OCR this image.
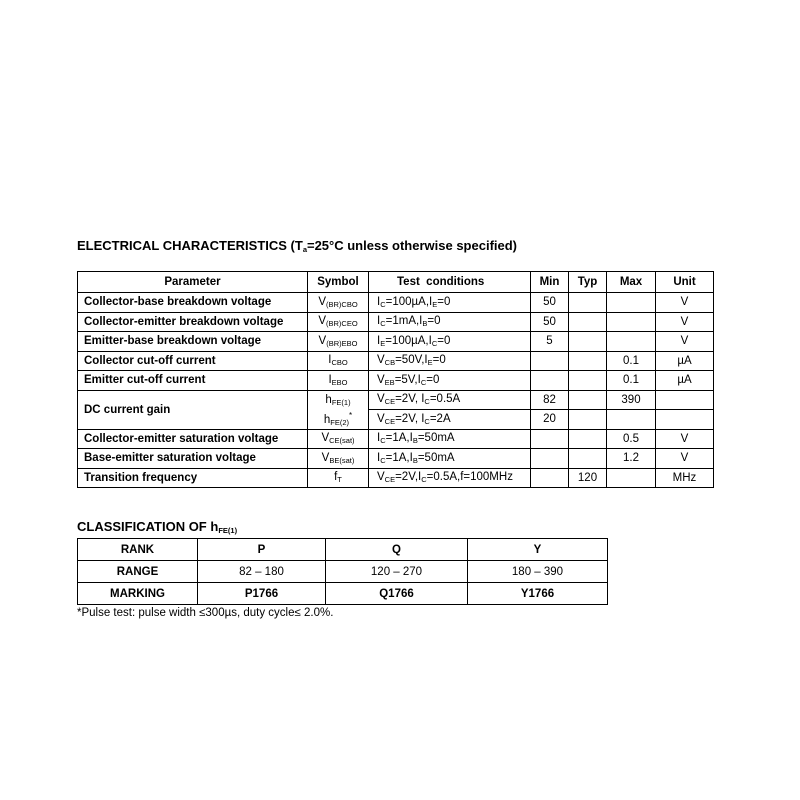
ELECTRICAL CHARACTERISTICS ($T_a=25^\circ C$ unless otherwise specified)
Parameter	Symbol	Test  conditions	Min	Typ	Max	Unit
Collector-base breakdown voltage	$V_{(BR)CBO}$	$I_C=100\mu A,I_E=0$	50			V
Collector-emitter breakdown voltage	$V_{(BR)CEO}$	$I_C=1mA,I_B=0$	50			V
Emitter-base breakdown voltage	$V_{(BR)EBO}$	$I_E=100\mu A,I_C=0$	5			V
Collector cut-off current	$I_{CBO}$	$V_{CB}=50V,I_E=0$			0.1	µA
Emitter cut-off current	$I_{EBO}$	$V_{EB}=5V,I_C=0$			0.1	µA
DC current gain	$h_{FE(1)}$	$V_{CE}=2V$, $I_C=0.5A$	82		390	
	$h_{FE(2)}^*$	$V_{CE}=2V$, $I_C=2A$	20			
Collector-emitter saturation voltage	$V_{CE(sat)}$	$I_C=1A,I_B=50mA$			0.5	V
Base-emitter saturation voltage	$V_{BE(sat)}$	$I_C=1A,I_B=50mA$			1.2	V
Transition frequency	$f_T$	$V_{CE}=2V,I_C=0.5A,f=100MHz$		120		MHz
CLASSIFICATION OF $h_{FE(1)}$
RANK	P	Q	Y
RANGE	82 – 180	120 – 270	180 – 390
MARKING	P1766	Q1766	Y1766
*Pulse test: pulse width ≤300µs, duty cycle≤ 2.0%.
